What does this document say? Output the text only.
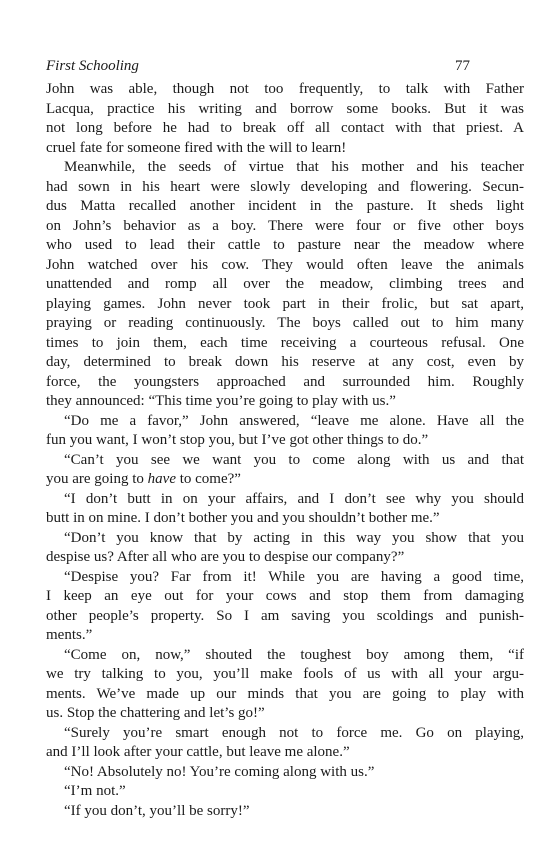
First Schooling	77
John was able, though not too frequently, to talk with Father
Lacqua, practice his writing and borrow some books. But it was
not long before he had to break off all contact with that priest. A
cruel fate for someone fired with the will to learn!
Meanwhile, the seeds of virtue that his mother and his teacher
had sown in his heart were slowly developing and flowering. Secun-
dus Matta recalled another incident in the pasture. It sheds light
on John’s behavior as a boy. There were four or five other boys
who used to lead their cattle to pasture near the meadow where
John watched over his cow. They would often leave the animals
unattended and romp all over the meadow, climbing trees and
playing games. John never took part in their frolic, but sat apart,
praying or reading continuously. The boys called out to him many
times to join them, each time receiving a courteous refusal. One
day, determined to break down his reserve at any cost, even by
force, the youngsters approached and surrounded him. Roughly
they announced: “This time you’re going to play with us.”
“Do me a favor,” John answered, “leave me alone. Have all the
fun you want, I won’t stop you, but I’ve got other things to do.”
“Can’t you see we want you to come along with us and that
you are going to have to come?”
“I don’t butt in on your affairs, and I don’t see why you should
butt in on mine. I don’t bother you and you shouldn’t bother me.”
“Don’t you know that by acting in this way you show that you
despise us? After all who are you to despise our company?”
“Despise you? Far from it! While you are having a good time,
I keep an eye out for your cows and stop them from damaging
other people’s property. So I am saving you scoldings and punish-
ments.”
“Come on, now,” shouted the toughest boy among them, “if
we try talking to you, you’ll make fools of us with all your argu-
ments. We’ve made up our minds that you are going to play with
us. Stop the chattering and let’s go!”
“Surely you’re smart enough not to force me. Go on playing,
and I’ll look after your cattle, but leave me alone.”
“No! Absolutely no! You’re coming along with us.”
“I’m not.”
“If you don’t, you’ll be sorry!”
